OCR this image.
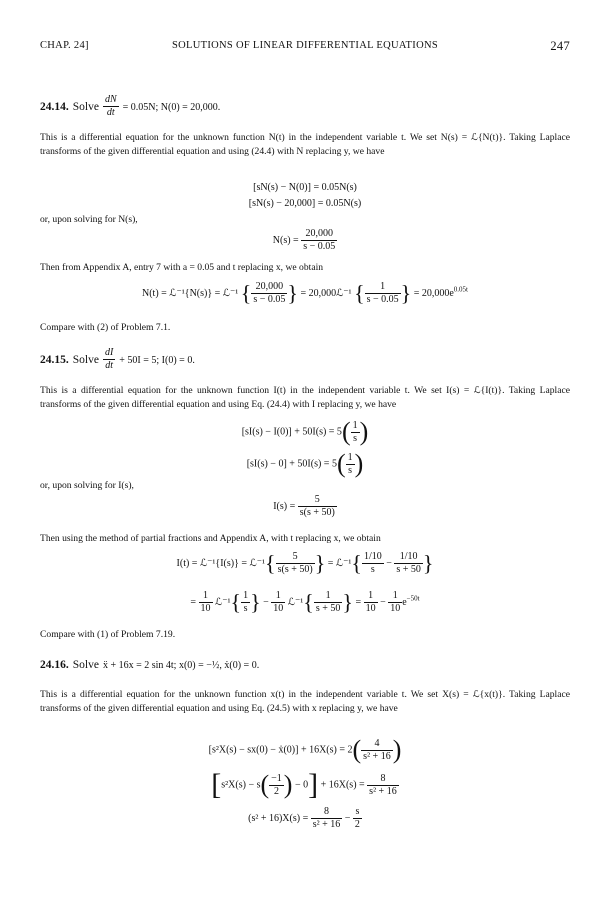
CHAP. 24]	SOLUTIONS OF LINEAR DIFFERENTIAL EQUATIONS	247
24.14. Solve $\frac{dN}{dt} = 0.05N$; N(0) = 20,000.
This is a differential equation for the unknown function N(t) in the independent variable t. We set N(s) = ℒ{N(t)}. Taking Laplace transforms of the given differential equation and using (24.4) with N replacing y, we have
[sN(s) − N(0)] = 0.05N(s)
[sN(s) − 20,000] = 0.05N(s)
or, upon solving for N(s),
$N(s) = \frac{20,000}{s - 0.05}$
Then from Appendix A, entry 7 with a = 0.05 and t replacing x, we obtain
N(t) = ℒ⁻¹{N(s)} = ℒ⁻¹ { $\frac{20,000}{s - 0.05}$ } = 20,000ℒ⁻¹ { $\frac{1}{s - 0.05}$ } = $20,000e^{0.05t}$
Compare with (2) of Problem 7.1.
24.15. Solve $\frac{dI}{dt} + 50I = 5$; I(0) = 0.
This is a differential equation for the unknown function I(t) in the independent variable t. We set I(s) = ℒ{I(t)}. Taking Laplace transforms of the given differential equation and using Eq. (24.4) with I replacing y, we have
$[sI(s) - I(0)] + 50I(s) = 5( \frac{1}{s}$ )
$[sI(s) - 0] + 50I(s) = 5( \frac{1}{s}$ )
or, upon solving for I(s),
$I(s) = \frac{5}{s(s + 50)}$
Then using the method of partial fractions and Appendix A, with t replacing x, we obtain
I(t) = ℒ⁻¹{I(s)} = ℒ⁻¹{ $\frac{5}{s(s + 50)}$ } = ℒ⁻¹{ $\frac{1/10}{s} - \frac{1/10}{s + 50}$ }
= $\frac{1}{10}$ ℒ⁻¹{ $\frac{1}{s}$ } − $\frac{1}{10}$ ℒ⁻¹{ $\frac{1}{s + 50}$ } = $\frac{1}{10} - \frac{1}{10} e^{-50t}$
Compare with (1) of Problem 7.19.
24.16. Solve ẍ + 16x = 2 sin 4t; x(0) = −½, ẋ(0) = 0.
This is a differential equation for the unknown function x(t) in the independent variable t. We set X(s) = ℒ{x(t)}. Taking Laplace transforms of the given differential equation and using Eq. (24.5) with x replacing y, we have
[s²X(s) − sx(0) − ẋ(0)] + $16X(s) = 2( \frac{4}{\text{s² + 16}}$ )
[$s^2X(s) - s( \frac{-1}{2}$ ) − $0] + 16X(s) = \frac{8}{\text{s² + 16}}$
$(s^2 + 16)X(s) = \frac{8}{\text{s² + 16}} - \frac{s}{2}$
